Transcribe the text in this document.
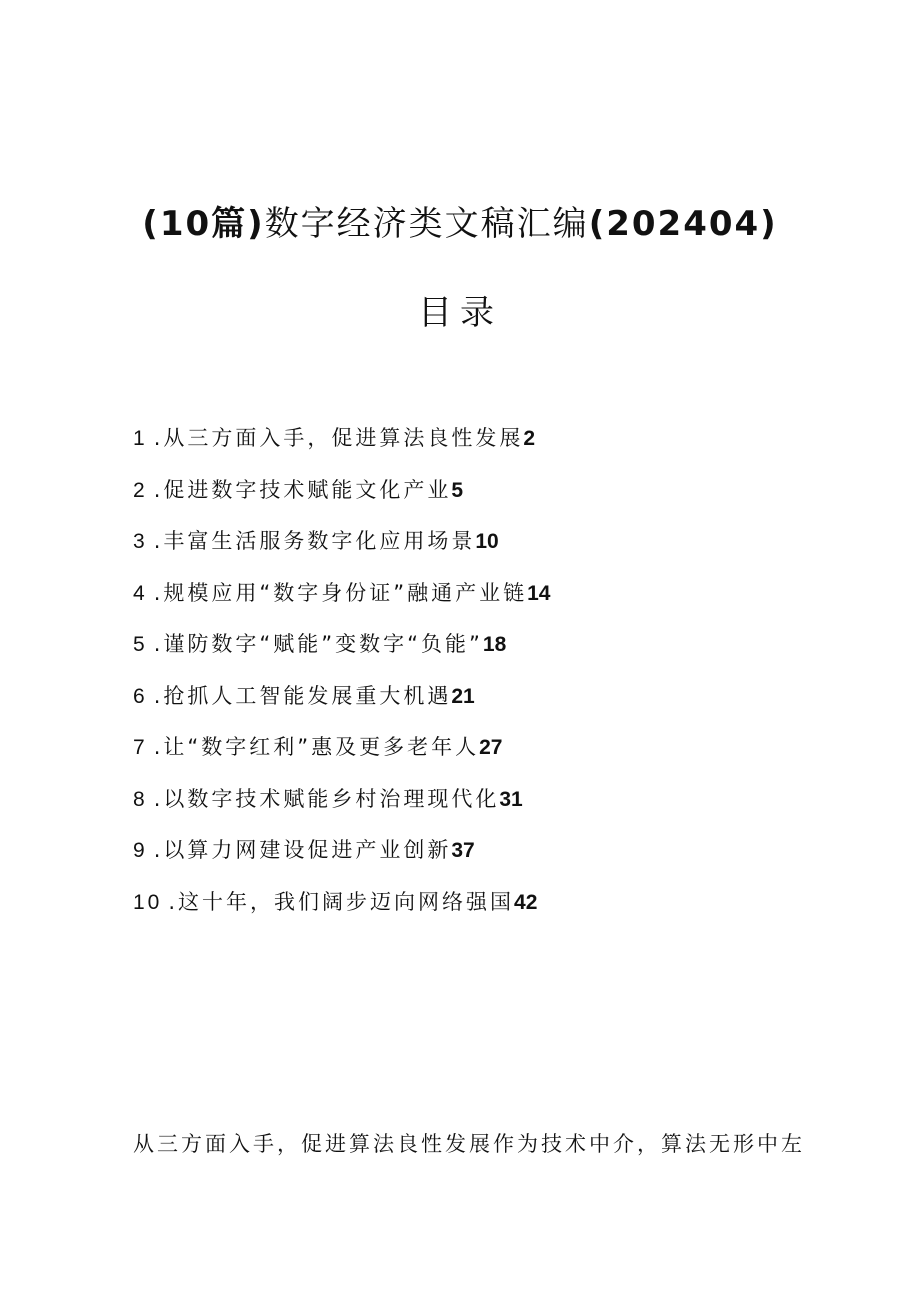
(10篇)数字经济类文稿汇编(202404)
目录
1 .从三方面入手，促进算法良性发展2
2 .促进数字技术赋能文化产业5
3 .丰富生活服务数字化应用场景10
4 .规模应用“数字身份证”融通产业链14
5 .谨防数字“赋能”变数字“负能”18
6 .抢抓人工智能发展重大机遇21
7 .让“数字红利”惠及更多老年人27
8 .以数字技术赋能乡村治理现代化31
9 .以算力网建设促进产业创新37
10 .这十年，我们阔步迈向网络强国42
从三方面入手，促进算法良性发展作为技术中介，算法无形中左
